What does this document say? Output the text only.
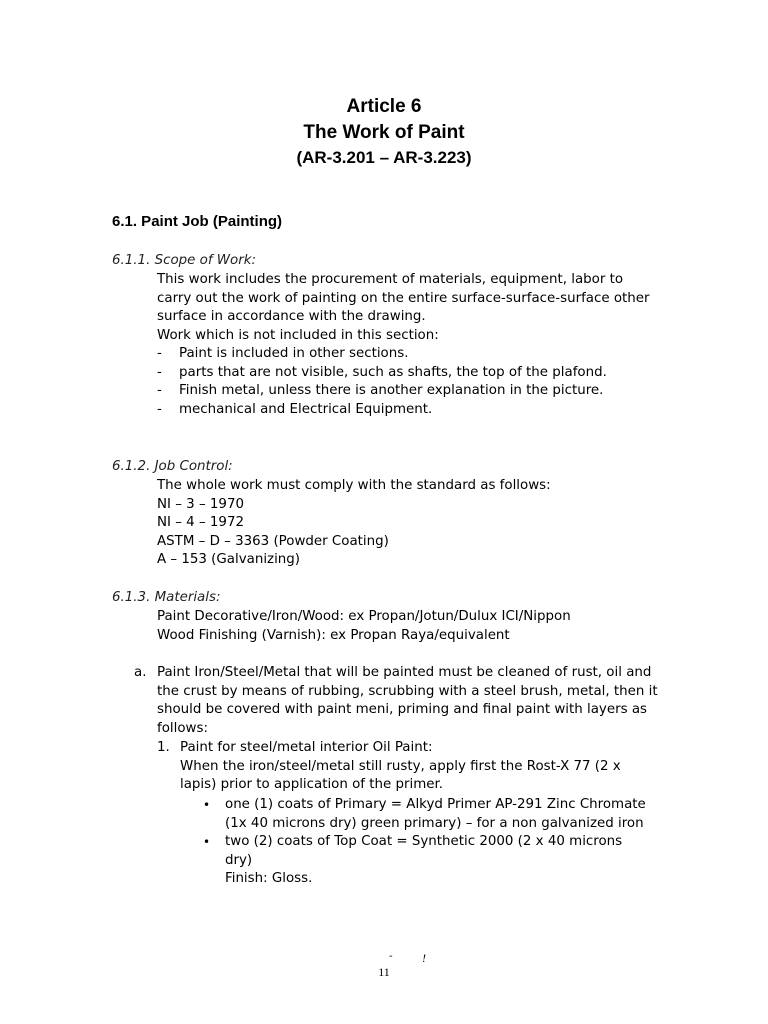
Article 6
The Work of Paint
(AR-3.201 – AR-3.223)
6.1. Paint Job (Painting)
6.1.1. Scope of Work:
This work includes the procurement of materials, equipment, labor to
carry out the work of painting on the entire surface-surface-surface other
surface in accordance with the drawing.
Work which is not included in this section:
- Paint is included in other sections.
- parts that are not visible, such as shafts, the top of the plafond.
- Finish metal, unless there is another explanation in the picture.
- mechanical and Electrical Equipment.
6.1.2. Job Control:
The whole work must comply with the standard as follows:
NI – 3 – 1970
NI – 4 – 1972
ASTM – D – 3363 (Powder Coating)
A – 153 (Galvanizing)
6.1.3. Materials:
Paint Decorative/Iron/Wood: ex Propan/Jotun/Dulux ICI/Nippon
Wood Finishing (Varnish): ex Propan Raya/equivalent
a. Paint Iron/Steel/Metal that will be painted must be cleaned of rust, oil and
the crust by means of rubbing, scrubbing with a steel brush, metal, then it
should be covered with paint meni, priming and final paint with layers as
follows:
1. Paint for steel/metal interior Oil Paint:
When the iron/steel/metal still rusty, apply first the Rost-X 77 (2 x
lapis) prior to application of the primer.
• one (1) coats of Primary = Alkyd Primer AP-291 Zinc Chromate
(1x 40 microns dry) green primary) – for a non galvanized iron
• two (2) coats of Top Coat = Synthetic 2000 (2 x 40 microns
dry)
Finish: Gloss.
- !
11
